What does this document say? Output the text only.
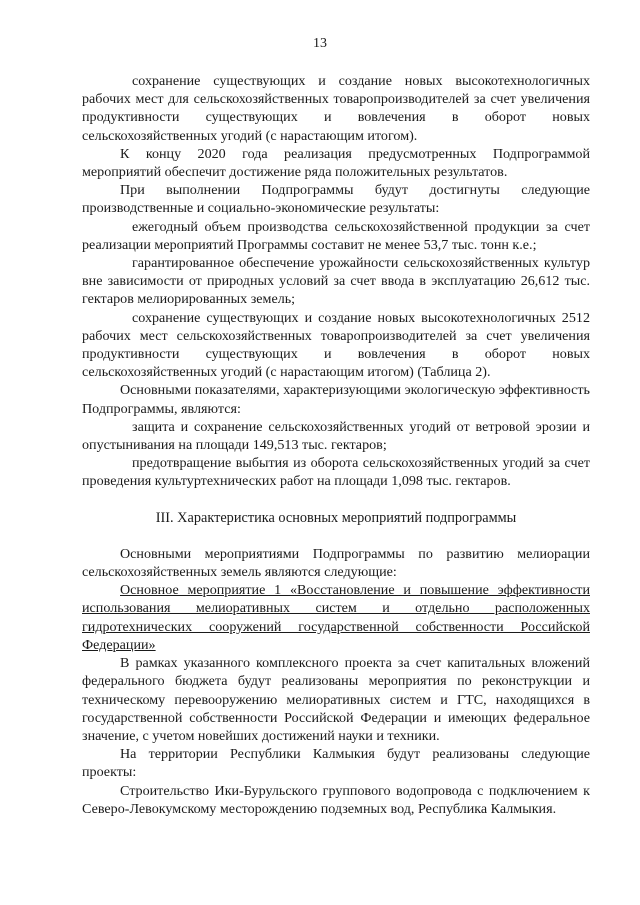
13

сохранение существующих и создание новых высокотехнологичных рабочих мест для сельскохозяйственных товаропроизводителей за счет увеличения продуктивности существующих и вовлечения в оборот новых сельскохозяйственных угодий (с нарастающим итогом).

К концу 2020 года реализация предусмотренных Подпрограммой мероприятий обеспечит достижение ряда положительных результатов.

При выполнении Подпрограммы будут достигнуты следующие производственные и социально-экономические результаты:

ежегодный объем производства сельскохозяйственной продукции за счет реализации мероприятий Программы составит не менее 53,7 тыс. тонн к.е.;

гарантированное обеспечение урожайности сельскохозяйственных культур вне зависимости от природных условий за счет ввода в эксплуатацию 26,612 тыс. гектаров мелиорированных земель;

сохранение существующих и создание новых высокотехнологичных 2512 рабочих мест сельскохозяйственных товаропроизводителей за счет увеличения продуктивности существующих и вовлечения в оборот новых сельскохозяйственных угодий (с нарастающим итогом) (Таблица 2).

Основными показателями, характеризующими экологическую эффективность Подпрограммы, являются:

защита и сохранение сельскохозяйственных угодий от ветровой эрозии и опустынивания на площади 149,513 тыс. гектаров;

предотвращение выбытия из оборота сельскохозяйственных угодий за счет проведения культуртехнических работ на площади 1,098 тыс. гектаров.

III. Характеристика основных мероприятий подпрограммы

Основными мероприятиями Подпрограммы по развитию мелиорации сельскохозяйственных земель являются следующие:

Основное мероприятие 1 «Восстановление и повышение эффективности использования мелиоративных систем и отдельно расположенных гидротехнических сооружений государственной собственности Российской Федерации»

В рамках указанного комплексного проекта за счет капитальных вложений федерального бюджета будут реализованы мероприятия по реконструкции и техническому перевооружению мелиоративных систем и ГТС, находящихся в государственной собственности Российской Федерации и имеющих федеральное значение, с учетом новейших достижений науки и техники.

На территории Республики Калмыкия будут реализованы следующие проекты:

Строительство Ики-Бурульского группового водопровода с подключением к Северо-Левокумскому месторождению подземных вод, Республика Калмыкия.
